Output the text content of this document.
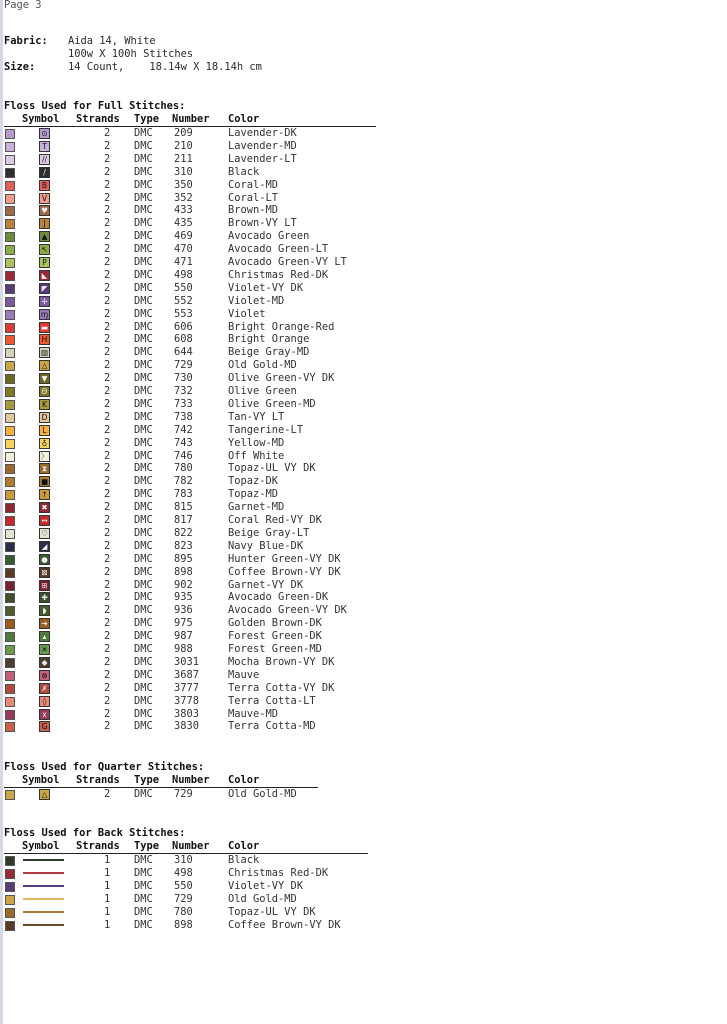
Page 3
Fabric: Aida 14, White
100w X 100h Stitches
Size:	14 Count,    18.14w X 18.14h cm
Floss Used for Full Stitches:
Symbol Strands Type Number Color
⊙	2 DMC 209	Lavender-DK
T	2 DMC 210	Lavender-MD
//	2 DMC 211	Lavender-LT
/	2 DMC 310	Black
B	2 DMC 350	Coral-MD
V	2 DMC 352	Coral-LT
♥	2 DMC 433	Brown-MD
J	2 DMC 435	Brown-VY LT
▲	2 DMC 469	Avocado Green
↖	2 DMC 470	Avocado Green-LT
P	2 DMC 471	Avocado Green-VY LT
◣	2 DMC 498	Christmas Red-DK
◤	2 DMC 550	Violet-VY DK
✢	2 DMC 552	Violet-MD
ɱ	2 DMC 553	Violet
▬	2 DMC 606	Bright Orange-Red
H	2 DMC 608	Bright Orange
▨	2 DMC 644	Beige Gray-MD
△	2 DMC 729	Old Gold-MD
▼	2 DMC 730	Olive Green-VY DK
Θ	2 DMC 732	Olive Green
K	2 DMC 733	Olive Green-MD
D	2 DMC 738	Tan-VY LT
L	2 DMC 742	Tangerine-LT
♁	2 DMC 743	Yellow-MD
〉	2 DMC 746	Off White
⧗	2 DMC 780	Topaz-UL VY DK
■	2 DMC 782	Topaz-DK
↑	2 DMC 783	Topaz-MD
✖	2 DMC 815	Garnet-MD
↔	2 DMC 817	Coral Red-VY DK
♡	2 DMC 822	Beige Gray-LT
◢	2 DMC 823	Navy Blue-DK
●	2 DMC 895	Hunter Green-VY DK
⊠	2 DMC 898	Coffee Brown-VY DK
⊞	2 DMC 902	Garnet-VY DK
✚	2 DMC 935	Avocado Green-DK
◗	2 DMC 936	Avocado Green-VY DK
➔	2 DMC 975	Golden Brown-DK
▴	2 DMC 987	Forest Green-DK
✕	2 DMC 988	Forest Green-MD
◆	2 DMC 3031	Mocha Brown-VY DK
⊗	2 DMC 3687	Mauve
✗	2 DMC 3777	Terra Cotta-VY DK
◊	2 DMC 3778	Terra Cotta-LT
ⅹ	2 DMC 3803	Mauve-MD
G	2 DMC 3830	Terra Cotta-MD
Floss Used for Quarter Stitches:
Symbol Strands Type Number Color
△	2 DMC 729	Old Gold-MD
Floss Used for Back Stitches:
Symbol Strands Type Number Color
1 DMC 310	Black
1 DMC 498	Christmas Red-DK
1 DMC 550	Violet-VY DK
1 DMC 729	Old Gold-MD
1 DMC 780	Topaz-UL VY DK
1 DMC 898	Coffee Brown-VY DK
